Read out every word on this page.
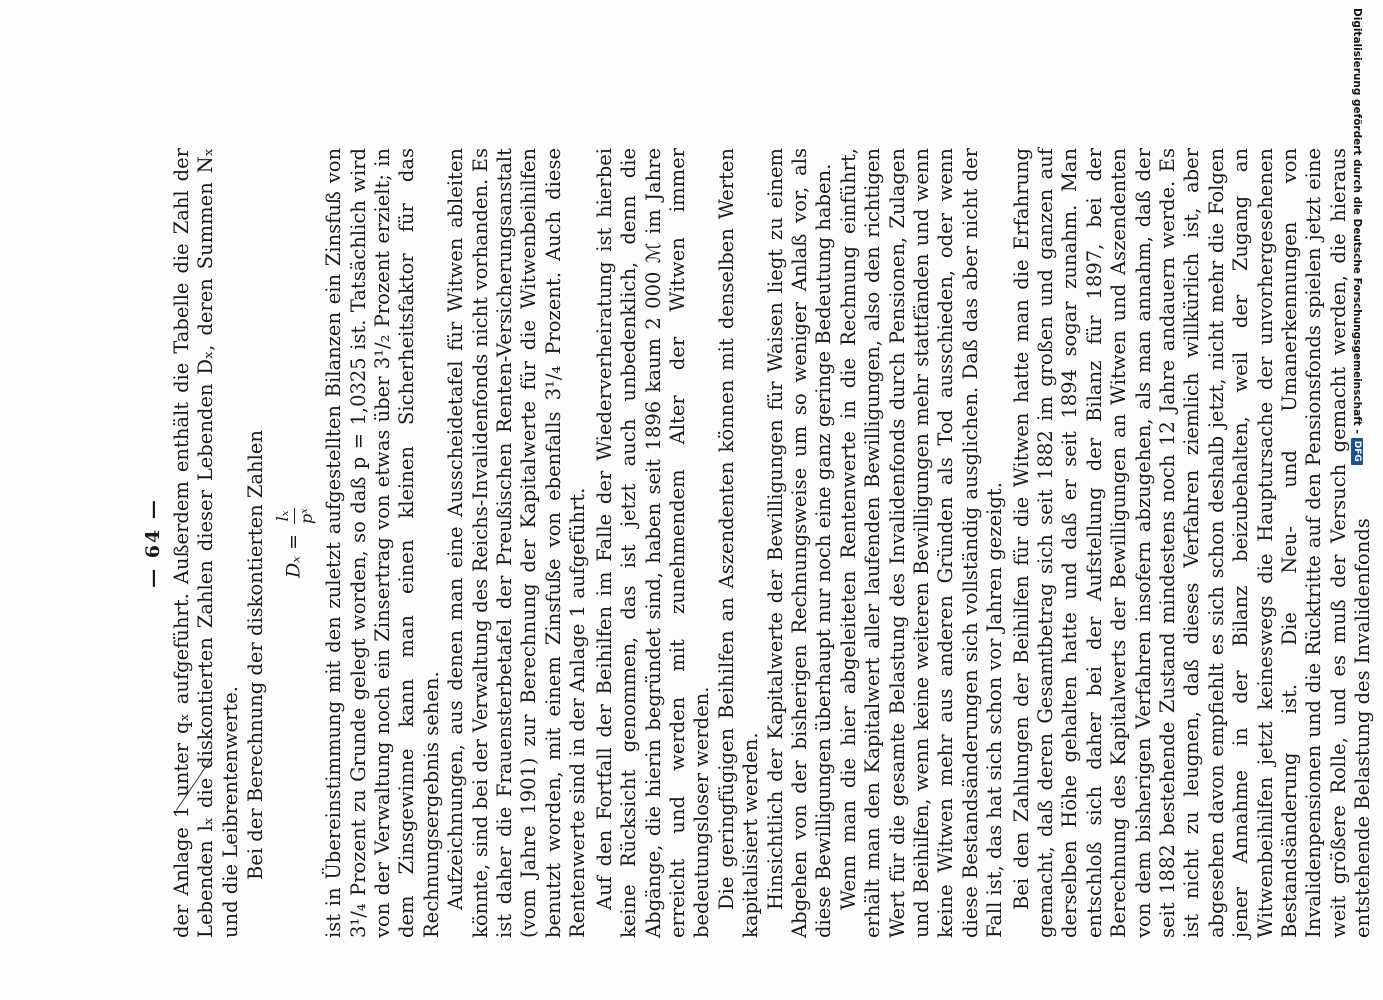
— 64 — der Anlage 1 unter qₓ aufgeführt. Außerdem enthält die Tabelle die Zahl der Lebenden lₓ die diskontierten Zahlen dieser Lebenden Dₓ, deren Summen Nₓ und die Leibrentenwerte. Bei der Berechnung der diskontierten Zahlen Dₓ =
lₓ pˣ ist in Übereinstimmung mit den zuletzt aufgestellten Bilanzen ein Zinsfuß von 3¹/₄ Prozent zu Grunde gelegt worden, so daß p = 1,0325 ist. Tatsächlich wird von der Verwaltung noch ein Zinsertrag von etwas über 3¹/₂ Prozent erzielt; in dem Zinsgewinne kann man einen kleinen Sicherheitsfaktor für das Rechnungsergebnis sehen. Aufzeichnungen, aus denen man eine Ausscheidetafel für Witwen ableiten könnte, sind bei der Verwaltung des Reichs-Invalidenfonds nicht vorhanden. Es ist daher die Frauensterbetafel der Preußischen Renten-Versicherungsanstalt (vom Jahre 1901) zur Berechnung der Kapitalwerte für die Witwenbeihilfen benutzt worden, mit einem Zinsfuße von ebenfalls 3¹/₄ Prozent. Auch diese Rentenwerte sind in der Anlage 1 aufgeführt. Auf den Fortfall der Beihilfen im Falle der Wiederverheiratung ist hierbei keine Rücksicht genommen, das ist jetzt auch unbedenklich, denn die Abgänge, die hierin begründet sind, haben seit 1896 kaum 2 000 ℳ im Jahre erreicht und werden mit zunehmendem Alter der Witwen immer bedeutungsloser werden. Die geringfügigen Beihilfen an Aszendenten können mit denselben Werten kapitalisiert werden. Hinsichtlich der Kapitalwerte der Bewilligungen für Waisen liegt zu einem Abgehen von der bisherigen Rechnungsweise um so weniger Anlaß vor, als diese Bewilligungen überhaupt nur noch eine ganz geringe Bedeutung haben. Wenn man die hier abgeleiteten Rentenwerte in die Rechnung einführt, erhält man den Kapitalwert aller laufenden Bewilligungen, also den richtigen Wert für die gesamte Belastung des Invalidenfonds durch Pensionen, Zulagen und Beihilfen, wenn keine weiteren Bewilligungen mehr stattfänden und wenn keine Witwen mehr aus anderen Gründen als Tod ausschieden, oder wenn diese Bestandsänderungen sich vollständig ausglichen. Daß das aber nicht der Fall ist, das hat sich schon vor Jahren gezeigt. Bei den Zahlungen der Beihilfen für die Witwen hatte man die Erfahrung gemacht, daß deren Gesamtbetrag sich seit 1882 im großen und ganzen auf derselben Höhe gehalten hatte und daß er seit 1894 sogar zunahm. Man entschloß sich daher bei der Aufstellung der Bilanz für 1897, bei der Berechnung des Kapitalwerts der Bewilligungen an Witwen und Aszendenten von dem bisherigen Verfahren insofern abzugehen, als man annahm, daß der seit 1882 bestehende Zustand mindestens noch 12 Jahre andauern werde. Es ist nicht zu leugnen, daß dieses Verfahren ziemlich willkürlich ist, aber abgesehen davon empfiehlt es sich schon deshalb jetzt, nicht mehr die Folgen jener Annahme in der Bilanz beizubehalten, weil der Zugang an Witwenbeihilfen jetzt keineswegs die Hauptursache der unvorhergesehenen Bestandsänderung ist. Die Neu- und Umanerkennungen von Invalidenpensionen und die Rücktritte auf den Pensionsfonds spielen jetzt eine weit größere Rolle, und es muß der Versuch gemacht werden, die hieraus entstehende Belastung des Invalidenfonds

Digitalisierung gefördert durch die Deutsche Forschungsgemeinschaft -
DFG
